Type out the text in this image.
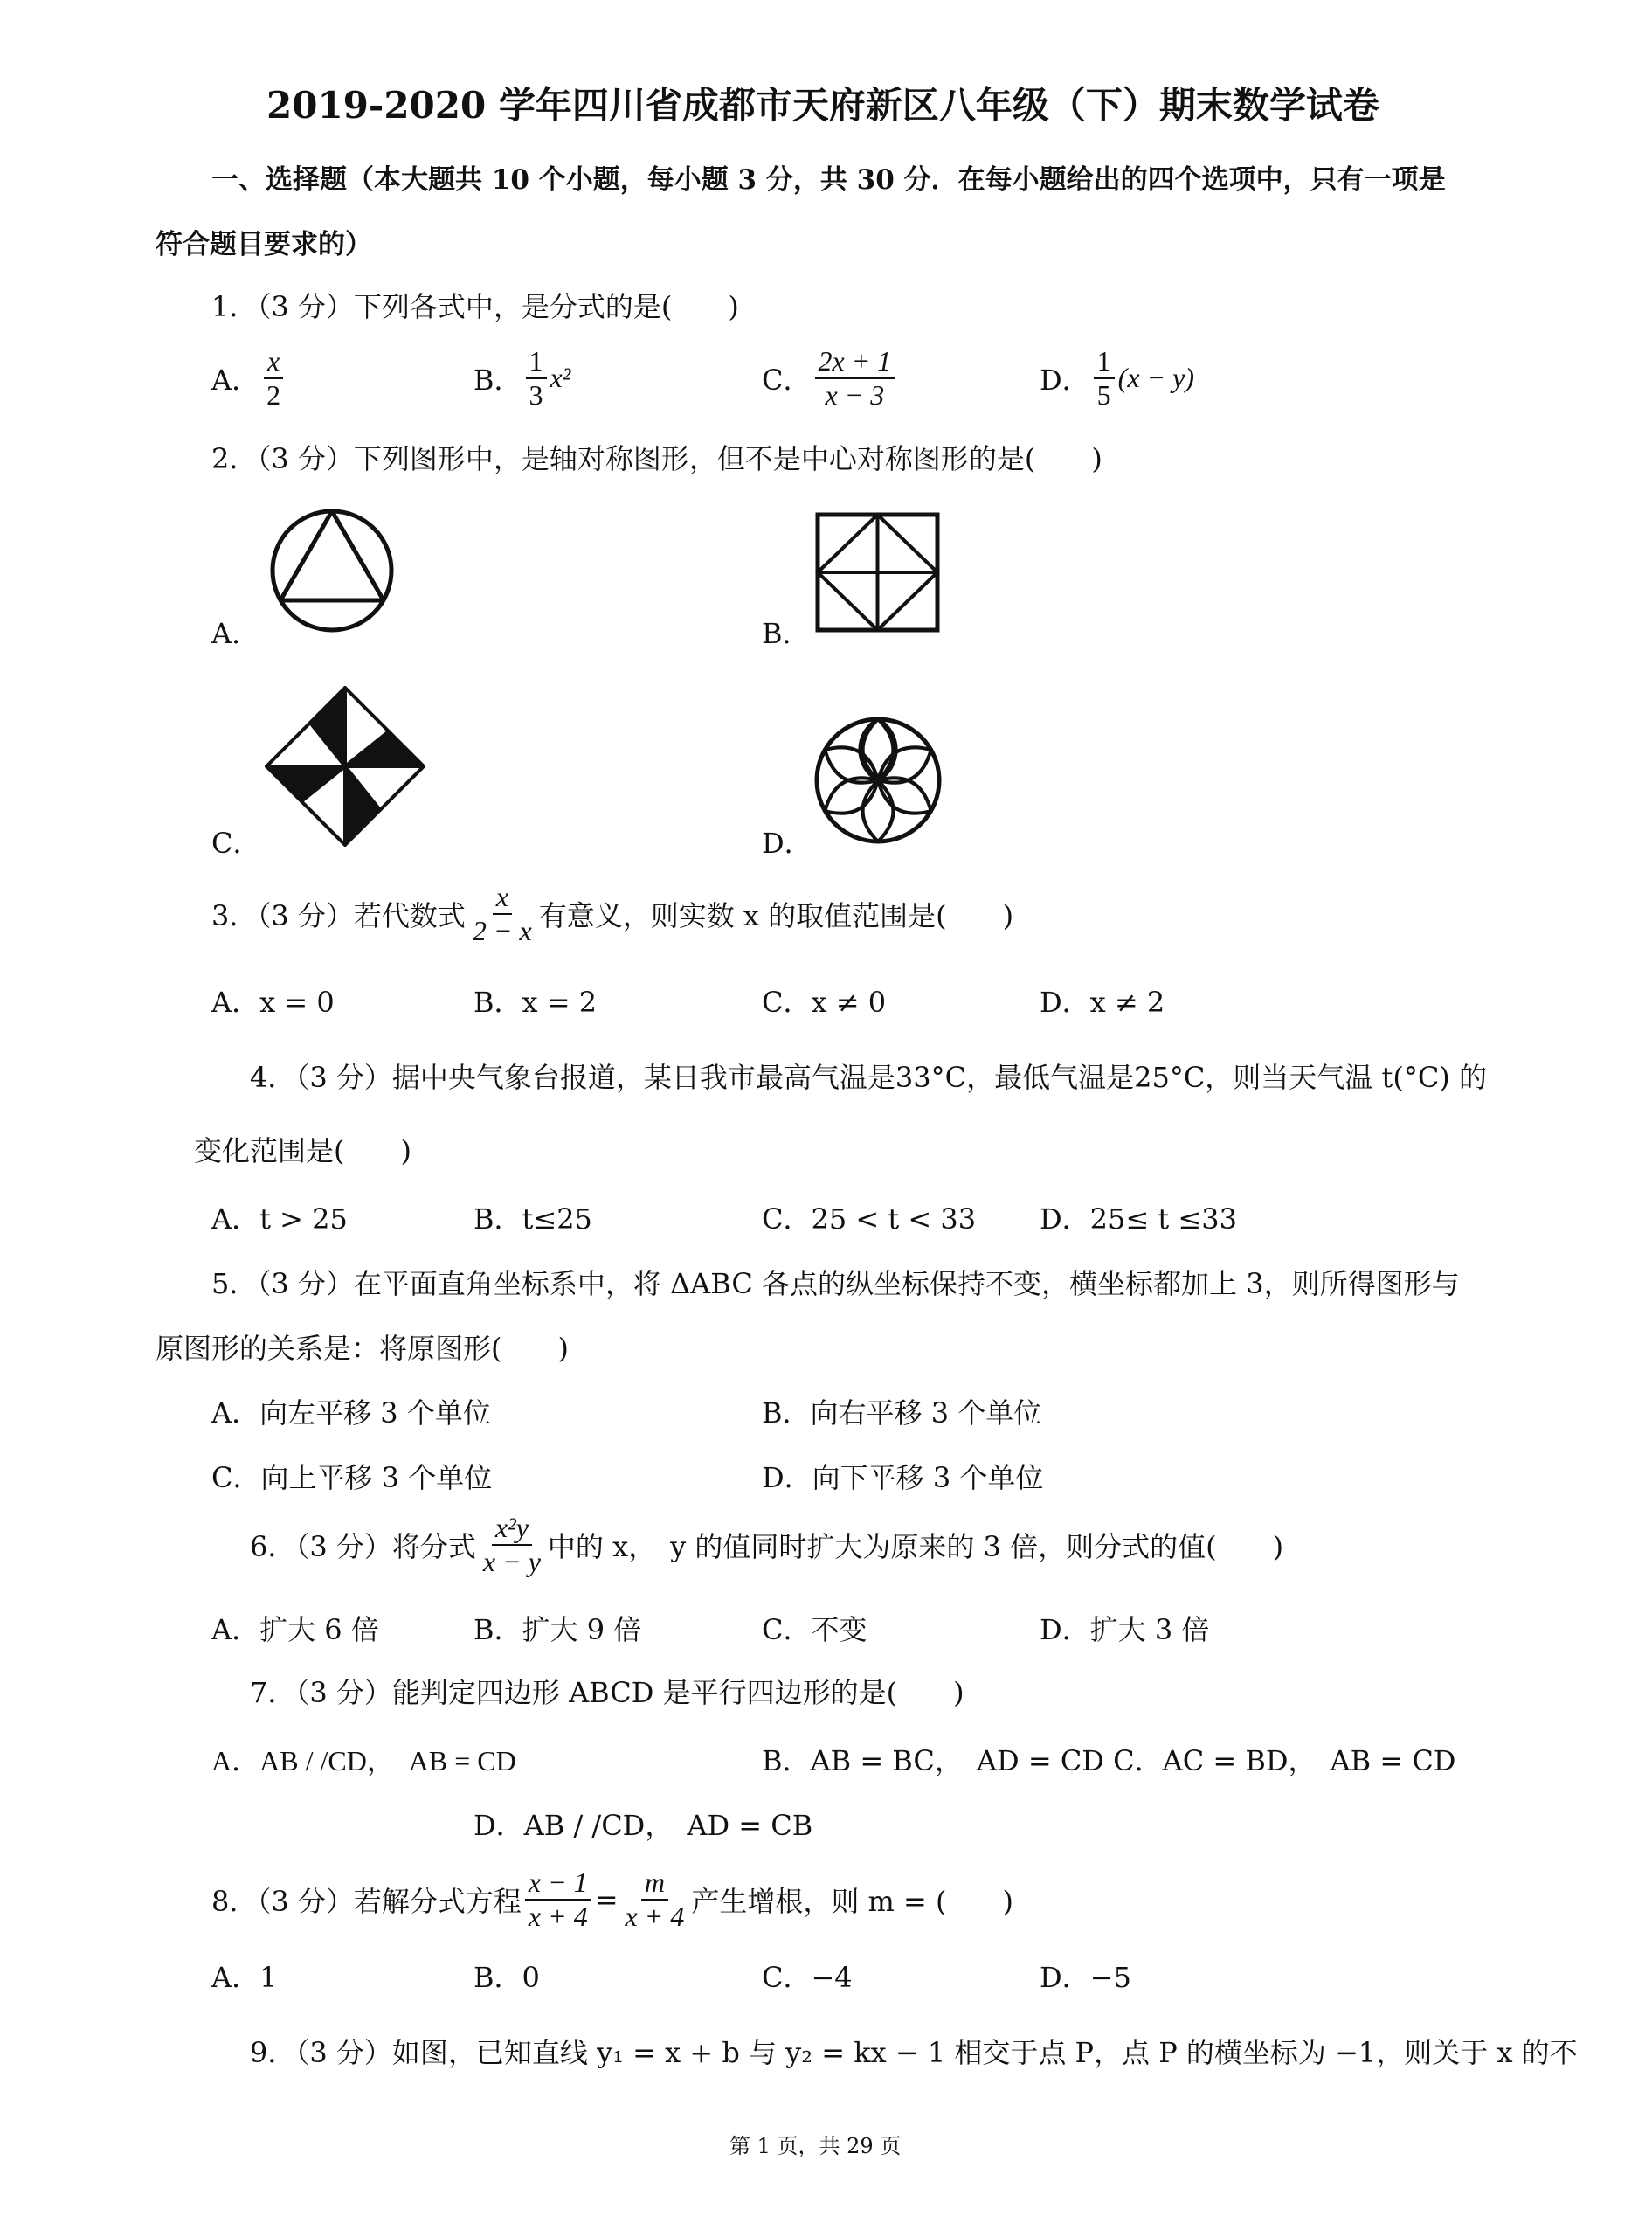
2019-2020 学年四川省成都市天府新区八年级（下）期末数学试卷
一、选择题（本大题共 10 个小题，每小题 3 分，共 30 分．在每小题给出的四个选项中，只有一项是
符合题目要求的）
1．（3 分）下列各式中，是分式的是(　　)
A． $\frac{x}{2}$	B． $\frac{1}{3} x^2$	C． $\frac{2x + 1}{x - 3}$	D． $\frac{1}{5} (x - y)$
2．（3 分）下列图形中，是轴对称图形，但不是中心对称图形的是(　　)
A．	B．
C．	D．
3．（3 分）若代数式 $\frac{x}{2 - x}$ 有意义，则实数 x 的取值范围是(　　)
A．x = 0	B．x = 2	C．x ≠ 0	D．x ≠ 2
4．（3 分）据中央气象台报道，某日我市最高气温是33°C，最低气温是25°C，则当天气温 t(°C) 的
变化范围是(　　)
A．t > 25	B．t≤25	C．25 < t < 33 D．25≤ t ≤33
5．（3 分）在平面直角坐标系中，将 ΔABC 各点的纵坐标保持不变，横坐标都加上 3，则所得图形与
原图形的关系是：将原图形(　　)
A．向左平移 3 个单位	B．向右平移 3 个单位
C．向上平移 3 个单位	D．向下平移 3 个单位
6．（3 分）将分式 $\frac{\text{x²y}}{x - y}$ 中的 x，　y 的值同时扩大为原来的 3 倍，则分式的值(　　)
A．扩大 6 倍	B．扩大 9 倍	C．不变	D．扩大 3 倍
7．（3 分）能判定四边形 ABCD 是平行四边形的是(　　)
A．AB / /CD，　AB = CD	B．AB = BC，　AD = CD C．AC = BD，　AB = CD
D．AB / /CD，　AD = CB
8．（3 分）若解分式方程 $\frac{x - 1}{x + 4} = \frac{m}{x + 4}$ 产生增根，则 m = (　　)
A．1	B．0	C．−4	D．−5
9．（3 分）如图，已知直线 y₁ = x + b 与 y₂ = kx − 1 相交于点 P，点 P 的横坐标为 −1，则关于 x 的不
第 1 页，共 29 页
